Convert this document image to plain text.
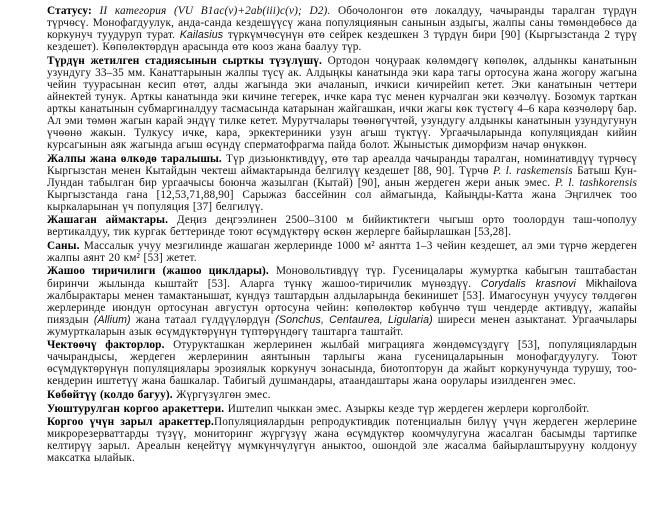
Статусу: II категория (VU B1ac(v)+2ab(iii)c(v); D2). Обочолонгон өтө локалдуу, чачыранды таралган түрдүн түрчөсү. Монофагдуулук, анда-санда кездешүүсү жана популяциянын санынын аздыгы, жалпы саны төмөндөбөсө да коркунуч туудуруп турат. Kailasius түркүмчөсүнүн өтө сейрек кездешкен 3 түрдүн бири [90] (Кыргызстанда 2 түрү кездешет). Көпөлөктөрдүн арасында өтө кооз жана баалуу түр.

Түрдүн жетилген стадиясынын сырткы түзүлүшү. Ортодон чоңураак көлөмдөгү көпөлөк, алдынкы канатынын узундугу 33–35 мм. Канаттарынын жалпы түсү ак. Алдыңкы канатында эки кара тагы ортосуна жана жогору жагына чейин туурасынан кесип өтөт, алды жагында эки ачаланып, ичкиси кичирейип кетет. Эки канатынын четтери айнектей тунук. Арткы канатында эки кичине тегерек, ичке кара түс менен курчалган эки көзчөлүү. Бозомук тарткан арткы канатынын субмаргиналдуу тасмасында катарынан жайгашкан, ички жагы көк түстөгү 4–6 кара көзчөлөрү бар. Ал эми төмөн жагын карай эндүү тилке кетет. Мурутчалары төөнөгүчтөй, узундугу алдынкы канатынын узундугунун үчөөнө жакын. Тулкусу ичке, кара, эркектериники узун агыш түктүү. Ургаачыларында копуляциядан кийин курсагынын аяк жагында агыш өсүндү сперматофрагма пайда болот. Жыныстык диморфизм начар өнүккөн.

Жалпы жана өлкөдө таралышы. Түр дизьюнктивдүү, өтө тар ареалда чачыранды таралган, номинативдүү түрчөсү Кыргызстан менен Кытайдын чектеш аймактарында белгилүү кездешет [88, 90]. Түрчө P. l. raskemensis Батыш Кун-Лундан табылган бир ургаачысы боюнча жазылган (Кытай) [90], анын жердеген жери анык эмес. P. l. tashkorensis Кыргызстанда гана [12,53,71,88,90] Сарыжаз бассейнин сол аймагында, Кайыңды-Катта жана Эңгилчек тоо кыркаларынан үч популяция [37] белгилүү.

Жашаган аймактары. Деңиз деңгээлинен 2500–3100 м бийиктиктеги чыгыш орто тоолордун таш-чополуу вертикалдуу, тик кургак беттеринде тоют өсүмдүктөрү өскөн жерлерге байырлашкан [53,28].

Саны. Массалык учуу мезгилинде жашаган жерлеринде 1000 м² аянтта 1–3 чейин кездешет, ал эми түрчө жердеген жалпы аянт 20 км² [53] жетет.

Жашоо тиричилиги (жашоо циклдары). Моновольтивдүү түр. Гусеницалары жумуртка кабыгын таштабастан биринчи жылында кыштайт [53]. Аларга түнкү жашоо-тиричилик мүнөздүү. Corydalis krasnovi Mikhailova жалбырактары менен тамактанышат, күндүз таштардын алдыларында бекинишет [53]. Имагосунун учуусу төлдөгөн жерлеринде июндун ортосунан августун ортосуна чейин: көпөлөктөр көбүнчө түш чендерде активдүү, жапайы пияздын (Allium) жана татаал гүлдүүлөрдүн (Sonchus, Centaurea, Ligularia) ширеси менен азыктанат. Ургаачылары жумурткаларын азык өсүмдүктөрүнүн түптөрүндөгү таштарга таштайт.

Чектөөчү факторлор. Отурукташкан жерлеринен жылбай миграцияга жөндөмсүздүгү [53], популяциялардын чачырандысы, жердеген жерлеринин аянтынын тарлыгы жана гусеницаларынын монофагдуулугу. Тоют өсүмдүктөрүнүн популяциялары эрозиялык коркунуч зонасында, биотопторун да жайыт коркунучунда турушу, тоо-кендерин иштетүү жана башкалар. Табигый душмандары, атаандаштары жана оорулары изилденген эмес.

Көбөйтүү (колдо багуу). Жүргүзүлгөн эмес.

Уюштурулган коргоо аракеттери. Иштелип чыккан эмес. Азыркы кезде түр жердеген жерлери корголбойт.

Коргоо үчүн зарыл аракеттер.Популяциялардын репродуктивдик потенциалын билүү үчүн жердеген жерлерине микрорезерваттарды түзүү, мониторинг жүргүзүү жана өсүмдүктөр коомчулугуна жасалган басымды тартипке келтирүү зарыл. Ареалын кеңейтүү мүмкүнчүлүгүн аныктоо, ошондой эле жасалма байырлаштырууну колдонуу максатка ылайык.
